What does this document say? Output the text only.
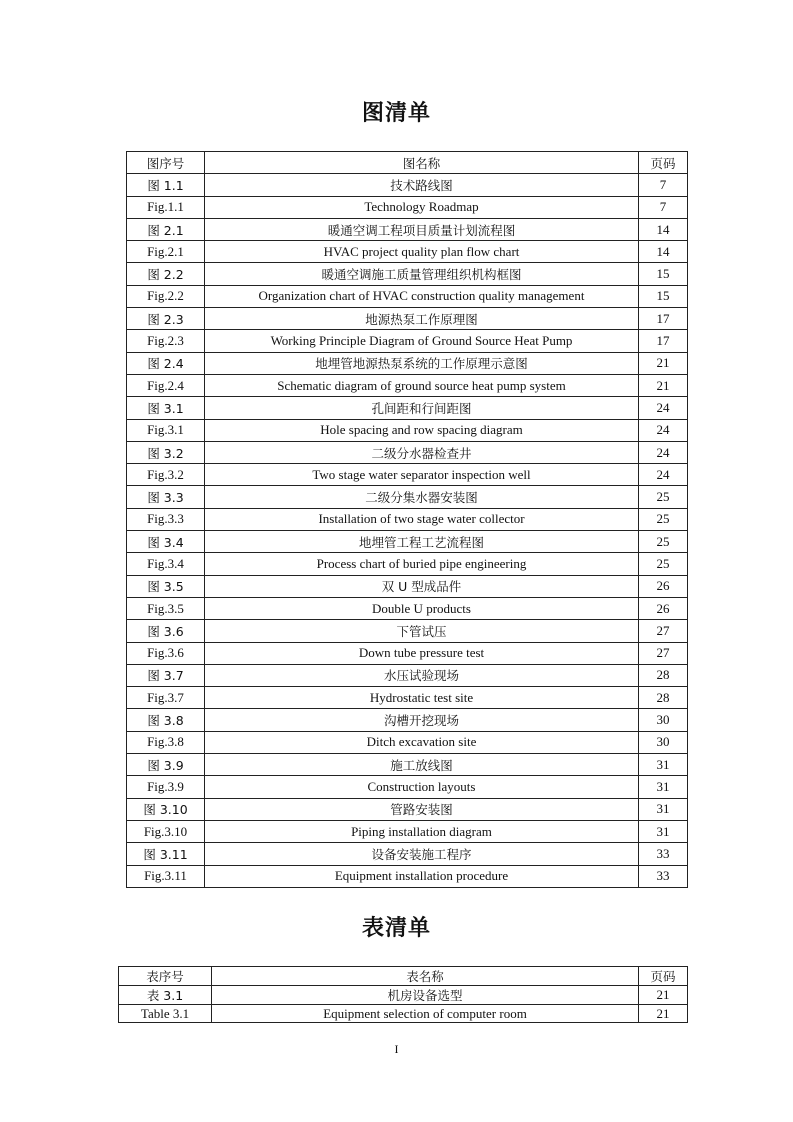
图清单
图序号	图名称	页码
图 1.1	技术路线图	7
Fig.1.1	Technology Roadmap	7
图 2.1	暖通空调工程项目质量计划流程图	14
Fig.2.1	HVAC project quality plan flow chart	14
图 2.2	暖通空调施工质量管理组织机构框图	15
Fig.2.2	Organization chart of HVAC construction quality management	15
图 2.3	地源热泵工作原理图	17
Fig.2.3	Working Principle Diagram of Ground Source Heat Pump	17
图 2.4	地埋管地源热泵系统的工作原理示意图	21
Fig.2.4	Schematic diagram of ground source heat pump system	21
图 3.1	孔间距和行间距图	24
Fig.3.1	Hole spacing and row spacing diagram	24
图 3.2	二级分水器检查井	24
Fig.3.2	Two stage water separator inspection well	24
图 3.3	二级分集水器安装图	25
Fig.3.3	Installation of two stage water collector	25
图 3.4	地埋管工程工艺流程图	25
Fig.3.4	Process chart of buried pipe engineering	25
图 3.5	双 U 型成品件	26
Fig.3.5	Double U products	26
图 3.6	下管试压	27
Fig.3.6	Down tube pressure test	27
图 3.7	水压试验现场	28
Fig.3.7	Hydrostatic test site	28
图 3.8	沟槽开挖现场	30
Fig.3.8	Ditch excavation site	30
图 3.9	施工放线图	31
Fig.3.9	Construction layouts	31
图 3.10	管路安装图	31
Fig.3.10	Piping installation diagram	31
图 3.11	设备安装施工程序	33
Fig.3.11	Equipment installation procedure	33
表清单
表序号	表名称	页码
表 3.1	机房设备选型	21
Table 3.1	Equipment selection of computer room	21
I
